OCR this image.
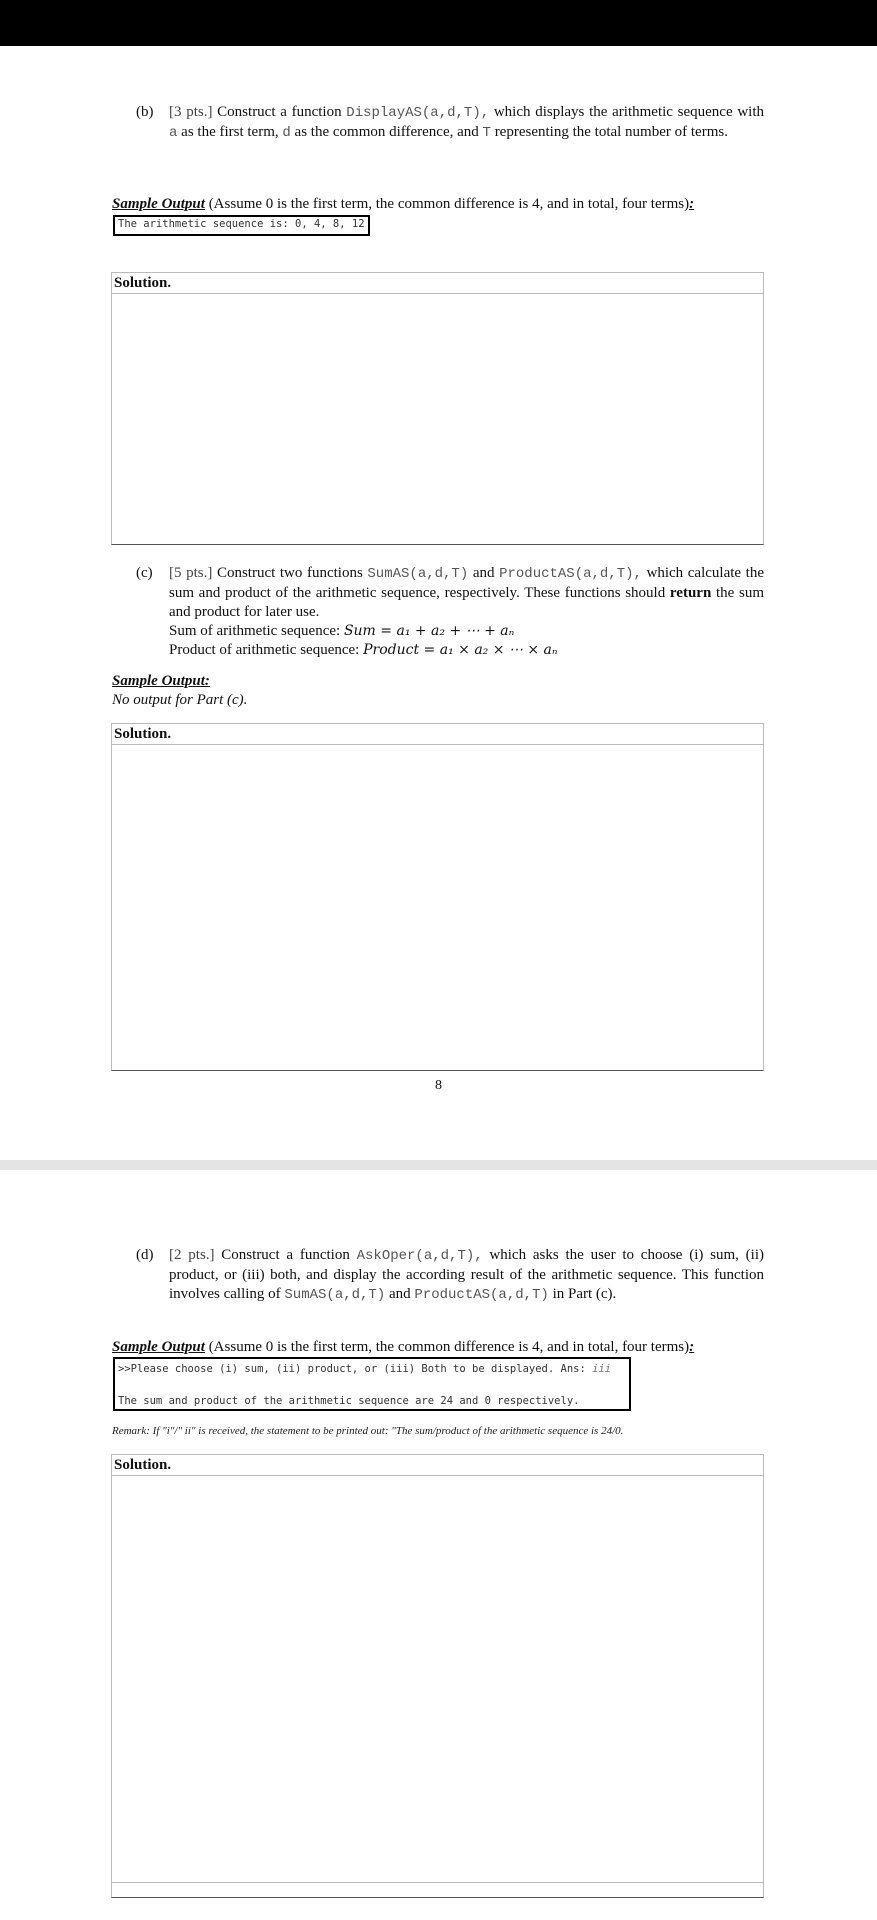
(b) [3 pts.] Construct a function DisplayAS(a,d,T), which displays the arithmetic sequence with a as the first term, d as the common difference, and T representing the total number of terms.
Sample Output (Assume 0 is the first term, the common difference is 4, and in total, four terms):
The arithmetic sequence is: 0, 4, 8, 12
Solution.
(c) [5 pts.] Construct two functions SumAS(a,d,T) and ProductAS(a,d,T), which calculate the sum and product of the arithmetic sequence, respectively. These functions should return the sum and product for later use.
Sum of arithmetic sequence: Sum = a₁ + a₂ + ⋯ + aₙ
Product of arithmetic sequence: Product = a₁ × a₂ × ⋯ × aₙ
Sample Output:
No output for Part (c).
Solution.
8
(d) [2 pts.] Construct a function AskOper(a,d,T), which asks the user to choose (i) sum, (ii) product, or (iii) both, and display the according result of the arithmetic sequence. This function involves calling of SumAS(a,d,T) and ProductAS(a,d,T) in Part (c).
Sample Output (Assume 0 is the first term, the common difference is 4, and in total, four terms):
>>Please choose (i) sum, (ii) product, or (iii) Both to be displayed. Ans: iii
The sum and product of the arithmetic sequence are 24 and 0 respectively.
Remark: If "i"/" ii" is received, the statement to be printed out: "The sum/product of the arithmetic sequence is 24/0.
Solution.
